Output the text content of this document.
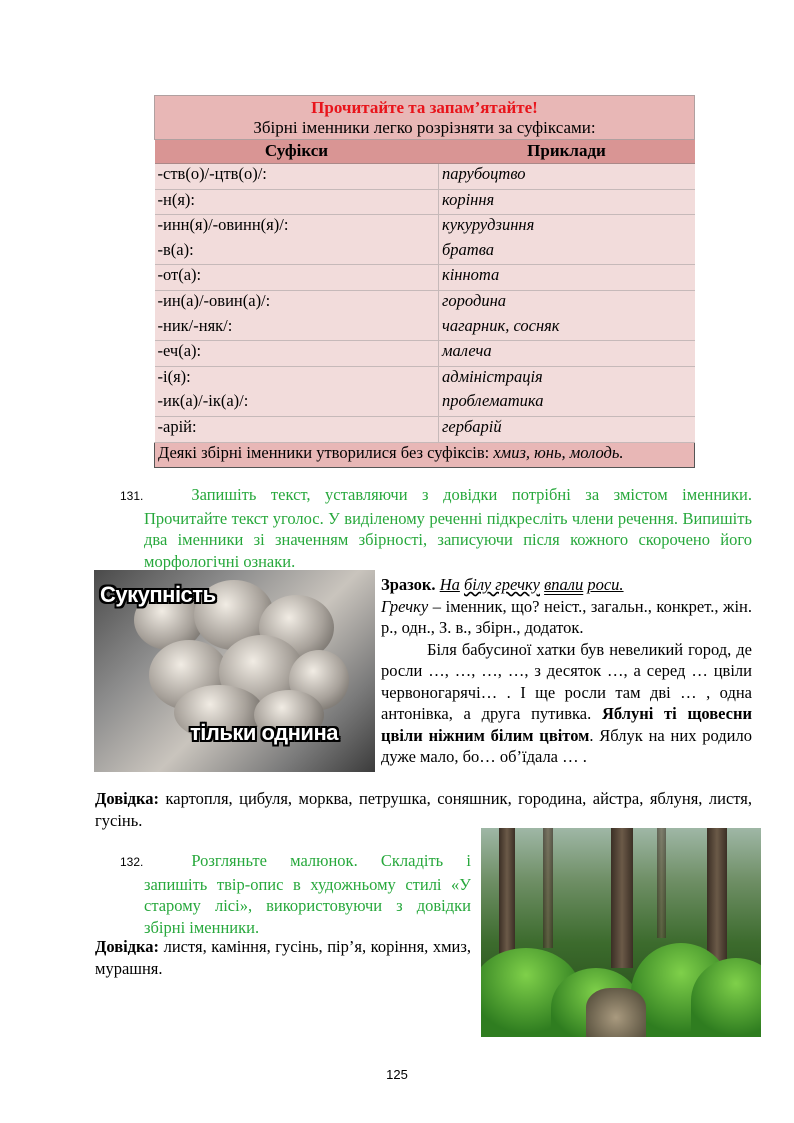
Прочитайте та запам’ятайте!
Збірні іменники легко розрізняти за суфіксами:	

Суфікси	Приклади
-ств(о)/-цтв(о)/:	парубоцтво
-н(я):	коріння
-инн(я)/-овинн(я)/:	кукурудзиння
-в(а):	братва
-от(а):	кіннота
-ин(а)/-овин(а)/:	городина
-ник/-няк/:	чагарник, сосняк
-еч(а):	малеча
-і(я):	адміністрація
-ик(а)/-ік(а)/:	проблематика
-арій:	гербарій
Деякі збірні іменники утворилися без суфіксів: хмиз, юнь, молодь.	
131.	Запишіть текст, уставляючи з довідки потрібні за змістом іменники. Прочитайте текст уголос. У виділеному реченні підкресліть члени речення. Випишіть два іменники зі значенням збірності, записуючи після кожного скорочено його морфологічні ознаки.
Сукупність
тільки однина
Зразок. На білу гречку впали роси.
Гречку – іменник, що? неіст., загальн., конкрет., жін. р., одн., З. в., збірн., додаток.
Біля бабусиної хатки був невеликий город, де росли …, …, …, …, з десяток …, а серед … цвіли червоногарячі… . І ще росли там дві … , одна антонівка, а друга путивка. Яблуні ті щовесни цвіли ніжним білим цвітом. Яблук на них родило дуже мало, бо… об’їдала … .
Довідка: картопля, цибуля, морква, петрушка, соняшник, городина, айстра, яблуня, листя, гусінь.
132.	Розгляньте малюнок. Складіть і запишіть твір-опис в художньому стилі «У старому лісі», використовуючи з довідки збірні іменники.
Довідка: листя, каміння, гусінь, пір’я, коріння, хмиз, мурашня.
125
